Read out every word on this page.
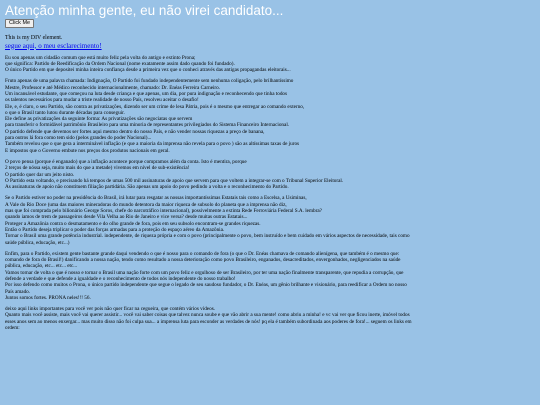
Atenção minha gente, eu não virei candidato...
Click Me
This is my DIV element.
segue aqui, o meu esclarecimento!

Eu sou apenas um cidadão comum que está muito feliz pela volta do antigo e extinto Prona;

que significa: Partido de Reedificação da Ordem Nacional (nome exatamente assim dado quando foi fundado).

O único Partido em que depositei minha inteira confiança desde a primeira vez que o conheci através das antigas propagandas eleitorais...

Fruto apenas de uma palavra chamada: Indignação, O Partido foi fundado independentemente sem nenhuma coligação, pelo brilhantíssimo

Mestre, Professor e até Médico reconhecido internacionalmente, chamado: Dr. Enéas Ferreira Carneiro.

Um incansável estudante, que começou na luta desde criança e que apenas, um dia, por pura indignação e reconhecendo que tinha todos

os talentos necessários para mudar a triste realidade de nosso País, resolveu aceitar o desafio!

Ele, e, é claro, o seu Partido, são contra as privatizações, dizendo ser um crime de lesa Pátria, pois é o mesmo que entregar ao comando externo,

o que o Brasil tanto lutou durante décadas para conseguir.

Ele define as privatizações da seguinte forma: As privatizações são negociatas que servem

para transferir o formidável patrimônio Brasileiro para uma minoria de representantes privilegiados do Sistema Financeiro Internacional.

O partido defende que devemos ser fortes aqui mesmo dentro do nosso País, e não vender nossas riquezas a preço de banana,

para outros lá fora como tem sido (pelos grandes do poder Nacional)...

Também revelou que o que gera a interminável inflação (e que a maioria da imprensa não revela para o povo ) são as altíssimas taxas de juros

E impostos que o Governo embute nos preços dos produtos nacionais em geral.

O povo pensa (porque é enganado) que a inflação acontece porque compramos além da conta. Isto é mentira, porque

2 terços de nóssa seja, muito mais do que a metade) vivemos em nível de sub-existência!

O partido quer dar um jeito nisto.

O Partido esta voltando, e precisando há tempos de umas 500 mil assinaturas de apoio que servem para que voltem a integrar-se com o Tribunal Superior Eleitoral.

As assinaturas de apoio não constituem filiação partidária. São apenas um apoio do povo pedindo a volta e o reconhecimento do Partido.

Se o Partido estiver no poder na presidência do Brasil, irá lutar para resgatar as nossas importantíssimas Estatais tais como a Escelsa, a Usiminas,

A Vale do Rio Doce (uma das maiores mineradoras do mundo detentora da maior riqueza de subsolo do planeta que a imprensa não diz,

mas que foi comprada pelo bilionário George Soros, chefe do narcotráfico internacional), possivelmente a extinta Rede Ferroviária Federal S.A. lembra?

quando iamos de trem de passageiros desde Vila Velha ao Rio de Janeiro e vice versa? desde muitas outras Estatais...

Proteger a Amazônia contra o desmatamento e do olho grande de fora, pois em seu subsolo encontram-se grandes riquezas.

Então o Partido deseja triplicar o poder das forças armadas para a proteção do espaço aéreo da Amazônia.

Tornar o Brasil uma grande potência industrial. independente, de riqueza própria e com o povo (principalmente o povo, bem instruído e bem cuidado em vários aspectos de necessidade, tais como

saúde pública, educação, etc...)

Enfim, para o Partido, existem gente bastante grande daqui vendendo o que é nosso para o comando de fora (o que o Dr. Enéas chamava de comando alienígena, que também é o mesmo que:

comando de fora do Brasil!) danificando a nossa nação, tendo como resultado a nossa deterioração como povo Brasileiro, enganados, desacreditados, envergonhados, negligenciados na saúde

pública, educação, etc... etc... etc...

Vamos tornar de volta o que é nosso e tornar o Brasil uma nação forte com um povo feliz e orgulhoso de ser Brasileiro, por ter uma nação finalmente transparente, que repudia a corrupção, que

defende a verdade e que defende a igualdade e o reconhecimento de todos nós independente do nosso trabalho!

Por isso defendo como muitos o Prona, o único partido independente que segue o legado de seu saudoso fundador, o Dr. Enéas, um gênio brilhante e visionário, para reedificar a Ordem no nosso

País amado.

Juntos somos fortes. PRONA neles!!! 56.

deixo aqui links importantes para você ver pois não quer ficar na cegueira, que contém vários vídeos.

Quanto mais você assiste, mais você vai querer assistir... você vai saber coisas que talvez nunca soube e que vão abrir a sua mente! como abriu a minha! e vc vai ver que ficou inerte, imóvel todos

esses anos sem ao menos enxergar... mas muito disso não foi culpa sua... a imprensa luta para esconder as verdades de nós! pq ela é também subordinada aos poderes de fora!... seguem os links em

ordem:
